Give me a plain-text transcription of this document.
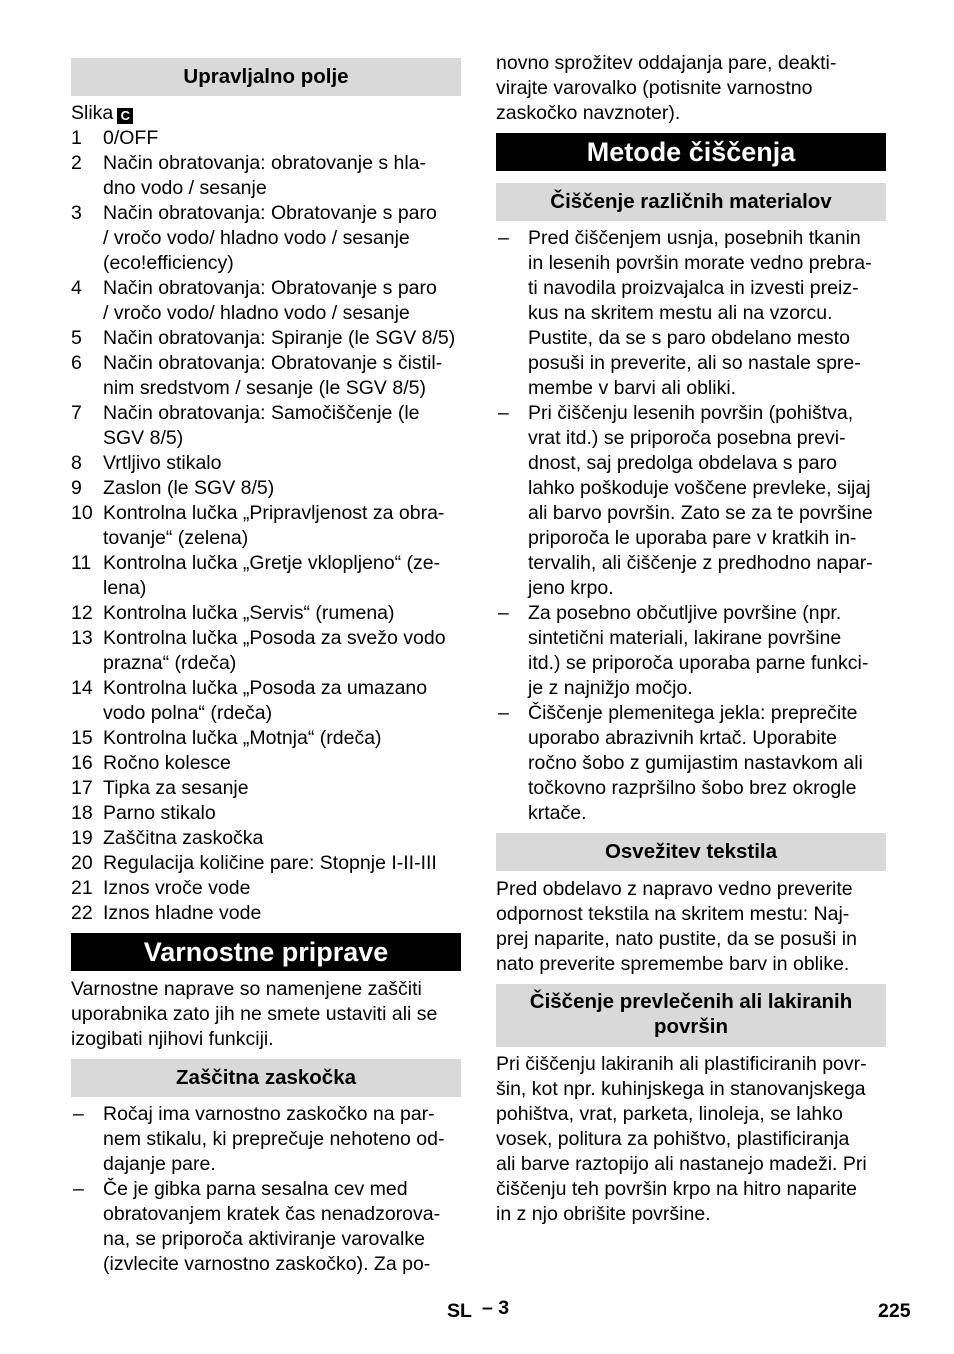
Upravljalno polje
Slika C
1 0/OFF
2 Način obratovanja: obratovanje s hla-
dno vodo / sesanje
3 Način obratovanja: Obratovanje s paro
/ vročo vodo/ hladno vodo / sesanje
(eco!efficiency)
4 Način obratovanja: Obratovanje s paro
/ vročo vodo/ hladno vodo / sesanje
5 Način obratovanja: Spiranje (le SGV 8/5)
6 Način obratovanja: Obratovanje s čistil-
nim sredstvom / sesanje (le SGV 8/5)
7 Način obratovanja: Samočiščenje (le
SGV 8/5)
8 Vrtljivo stikalo
9 Zaslon (le SGV 8/5)
10 Kontrolna lučka „Pripravljenost za obra-
tovanje“ (zelena)
11 Kontrolna lučka „Gretje vklopljeno“ (ze-
lena)
12 Kontrolna lučka „Servis“ (rumena)
13 Kontrolna lučka „Posoda za svežo vodo
prazna“ (rdeča)
14 Kontrolna lučka „Posoda za umazano
vodo polna“ (rdeča)
15 Kontrolna lučka „Motnja“ (rdeča)
16 Ročno kolesce
17 Tipka za sesanje
18 Parno stikalo
19 Zaščitna zaskočka
20 Regulacija količine pare: Stopnje I-II-III
21 Iznos vroče vode
22 Iznos hladne vode
Varnostne priprave
Varnostne naprave so namenjene zaščiti
uporabnika zato jih ne smete ustaviti ali se
izogibati njihovi funkciji.
Zaščitna zaskočka
– Ročaj ima varnostno zaskočko na par-
nem stikalu, ki preprečuje nehoteno od-
dajanje pare.
– Če je gibka parna sesalna cev med
obratovanjem kratek čas nenadzorova-
na, se priporoča aktiviranje varovalke
(izvlecite varnostno zaskočko). Za po-
novno sprožitev oddajanja pare, deakti-
virajte varovalko (potisnite varnostno
zaskočko navznoter).
Metode čiščenja
Čiščenje različnih materialov
– Pred čiščenjem usnja, posebnih tkanin
in lesenih površin morate vedno prebra-
ti navodila proizvajalca in izvesti preiz-
kus na skritem mestu ali na vzorcu.
Pustite, da se s paro obdelano mesto
posuši in preverite, ali so nastale spre-
membe v barvi ali obliki.
– Pri čiščenju lesenih površin (pohištva,
vrat itd.) se priporoča posebna previ-
dnost, saj predolga obdelava s paro
lahko poškoduje voščene prevleke, sijaj
ali barvo površin. Zato se za te površine
priporoča le uporaba pare v kratkih in-
tervalih, ali čiščenje z predhodno napar-
jeno krpo.
– Za posebno občutljive površine (npr.
sintetični materiali, lakirane površine
itd.) se priporoča uporaba parne funkci-
je z najnižjo močjo.
– Čiščenje plemenitega jekla: preprečite
uporabo abrazivnih krtač. Uporabite
ročno šobo z gumijastim nastavkom ali
točkovno razpršilno šobo brez okrogle
krtače.
Osvežitev tekstila
Pred obdelavo z napravo vedno preverite
odpornost tekstila na skritem mestu: Naj-
prej naparite, nato pustite, da se posuši in
nato preverite spremembe barv in oblike.
Čiščenje prevlečenih ali lakiranih
površin
Pri čiščenju lakiranih ali plastificiranih povr-
šin, kot npr. kuhinjskega in stanovanjskega
pohištva, vrat, parketa, linoleja, se lahko
vosek, politura za pohištvo, plastificiranja
ali barve raztopijo ali nastanejo madeži. Pri
čiščenju teh površin krpo na hitro naparite
in z njo obrišite površine.
SL – 3	225
